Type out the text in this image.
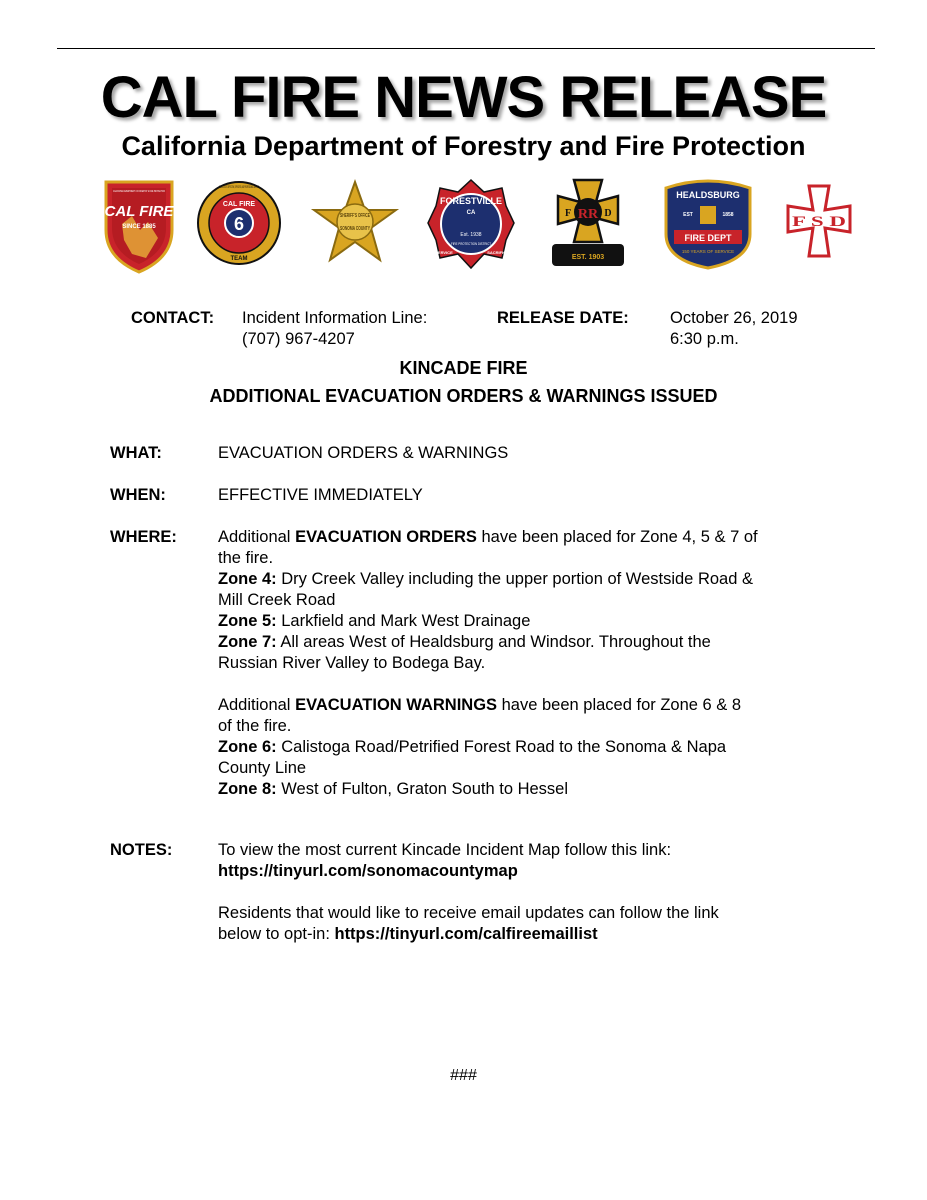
CAL FIRE NEWS RELEASE
California Department of Forestry and Fire Protection
CALIFORNIA DEPARTMENT OF FORESTRY & FIRE PROTECTION
CAL FIRE
SINCE 1885
DEDICATED TO EFFECTIVE, EFFICIENT, AND PROFESSIONAL SERVICE
CAL FIRE
6
TEAM
SHERIFF'S OFFICE
SONOMA COUNTY
FORESTVILLE
CA
Est. 1938
FIRE PROTECTION DISTRICT
SERVICE	SACRIFICE
RR
F	D
EST. 1903
HEALDSBURG
EST	1858
FIRE DEPT
150 YEARS OF SERVICE
F S D
CONTACT: Incident Information Line:
(707) 967-4207
RELEASE DATE:	October 26, 2019
6:30 p.m.
KINCADE FIRE
ADDITIONAL EVACUATION ORDERS & WARNINGS ISSUED
WHAT:	EVACUATION ORDERS & WARNINGS
WHEN:	EFFECTIVE IMMEDIATELY
WHERE: Additional EVACUATION ORDERS have been placed for Zone 4, 5 & 7 of
the fire.

Zone 4: Dry Creek Valley including the upper portion of Westside Road &
Mill Creek Road

Zone 5: Larkfield and Mark West Drainage

Zone 7: All areas West of Healdsburg and Windsor. Throughout the
Russian River Valley to Bodega Bay.

Additional EVACUATION WARNINGS have been placed for Zone 6 & 8
of the fire.

Zone 6: Calistoga Road/Petrified Forest Road to the Sonoma & Napa
County Line

Zone 8: West of Fulton, Graton South to Hessel

NOTES:	To view the most current Kincade Incident Map follow this link:

https://tinyurl.com/sonomacountymap

Residents that would like to receive email updates can follow the link

below to opt-in: https://tinyurl.com/calfireemaillist

###
